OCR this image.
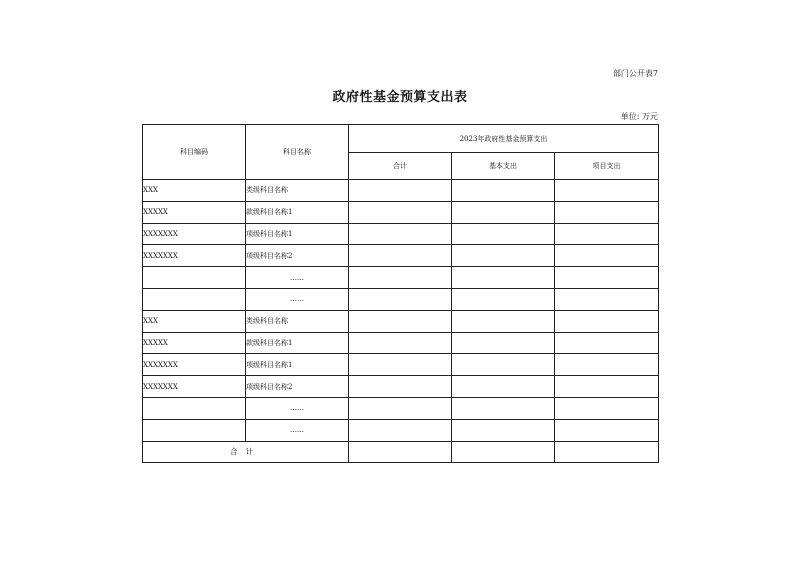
部门公开表7
政府性基金预算支出表
单位: 万元
科目编码	科目名称	2023年政府性基金预算支出		
		合计	基本支出	项目支出
XXX	类级科目名称			
XXXXX	款级科目名称1			
XXXXXXX	项级科目名称1			
XXXXXXX	项级科目名称2			
	……			
	……			
XXX	类级科目名称			
XXXXX	款级科目名称1			
XXXXXXX	项级科目名称1			
XXXXXXX	项级科目名称2			
	……			
	……			
合计				
